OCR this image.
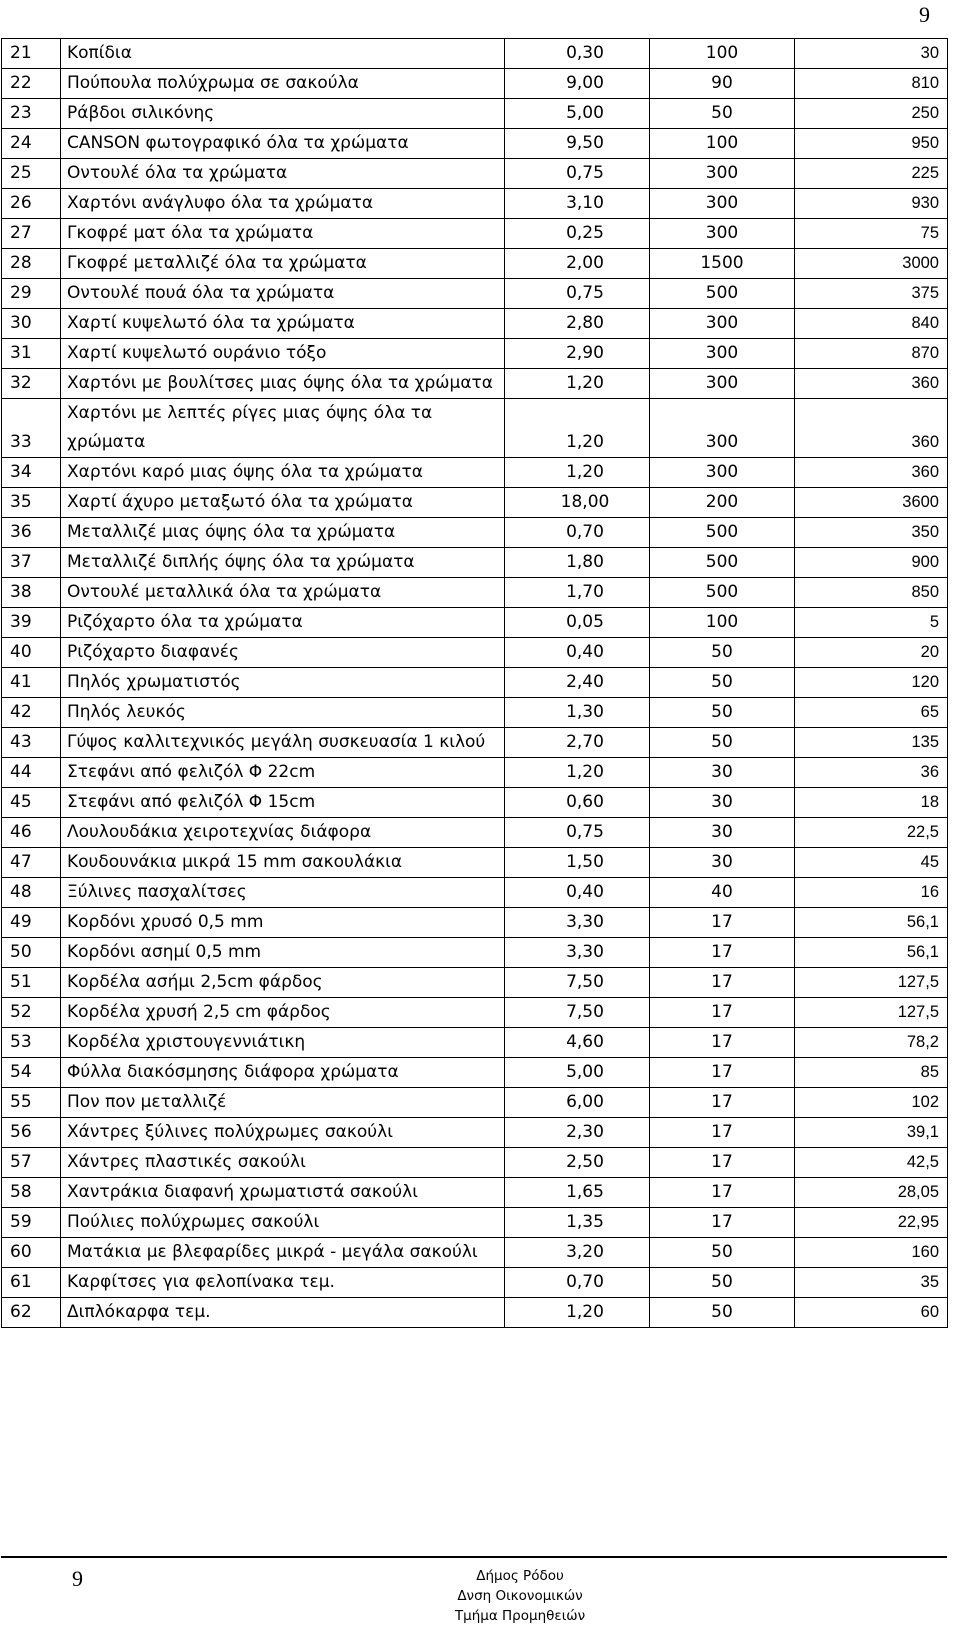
9
21	Κοπίδια	0,30	100	30
22	Πούπουλα πολύχρωμα σε σακούλα	9,00	90	810
23	Ράβδοι σιλικόνης	5,00	50	250
24	CANSON φωτογραφικό όλα τα χρώματα	9,50	100	950
25	Οντουλέ όλα τα χρώματα	0,75	300	225
26	Χαρτόνι ανάγλυφο όλα τα χρώματα	3,10	300	930
27	Γκοφρέ ματ όλα τα χρώματα	0,25	300	75
28	Γκοφρέ μεταλλιζέ όλα τα χρώματα	2,00	1500	3000
29	Οντουλέ πουά όλα τα χρώματα	0,75	500	375
30	Χαρτί κυψελωτό όλα τα χρώματα	2,80	300	840
31	Χαρτί κυψελωτό ουράνιο τόξο	2,90	300	870
32	Χαρτόνι με βουλίτσες μιας όψης όλα τα χρώματα	1,20	300	360
33	Χαρτόνι με λεπτές ρίγες μιας όψης όλα τα χρώματα	1,20	300	360
34	Χαρτόνι καρό μιας όψης όλα τα χρώματα	1,20	300	360
35	Χαρτί άχυρο μεταξωτό όλα τα χρώματα	18,00	200	3600
36	Μεταλλιζέ μιας όψης όλα τα χρώματα	0,70	500	350
37	Μεταλλιζέ διπλής όψης όλα τα χρώματα	1,80	500	900
38	Οντουλέ μεταλλικά όλα τα χρώματα	1,70	500	850
39	Ριζόχαρτο όλα τα χρώματα	0,05	100	5
40	Ριζόχαρτο διαφανές	0,40	50	20
41	Πηλός χρωματιστός	2,40	50	120
42	Πηλός λευκός	1,30	50	65
43	Γύψος καλλιτεχνικός μεγάλη συσκευασία 1 κιλού	2,70	50	135
44	Στεφάνι από φελιζόλ Φ 22cm	1,20	30	36
45	Στεφάνι από φελιζόλ Φ 15cm	0,60	30	18
46	Λουλουδάκια χειροτεχνίας διάφορα	0,75	30	22,5
47	Κουδουνάκια μικρά 15 mm σακουλάκια	1,50	30	45
48	Ξύλινες πασχαλίτσες	0,40	40	16
49	Κορδόνι χρυσό 0,5 mm	3,30	17	56,1
50	Κορδόνι ασημί 0,5 mm	3,30	17	56,1
51	Κορδέλα ασήμι 2,5cm φάρδος	7,50	17	127,5
52	Κορδέλα χρυσή 2,5 cm φάρδος	7,50	17	127,5
53	Κορδέλα χριστουγεννιάτικη	4,60	17	78,2
54	Φύλλα διακόσμησης διάφορα χρώματα	5,00	17	85
55	Πον πον μεταλλιζέ	6,00	17	102
56	Χάντρες ξύλινες πολύχρωμες σακούλι	2,30	17	39,1
57	Χάντρες πλαστικές σακούλι	2,50	17	42,5
58	Χαντράκια διαφανή χρωματιστά σακούλι	1,65	17	28,05
59	Πούλιες πολύχρωμες σακούλι	1,35	17	22,95
60	Ματάκια με βλεφαρίδες μικρά - μεγάλα σακούλι	3,20	50	160
61	Καρφίτσες για φελοπίνακα τεμ.	0,70	50	35
62	Διπλόκαρφα τεμ.	1,20	50	60
9	Δήμος Ρόδου
Δνση Οικονομικών
Τμήμα Προμηθειών
